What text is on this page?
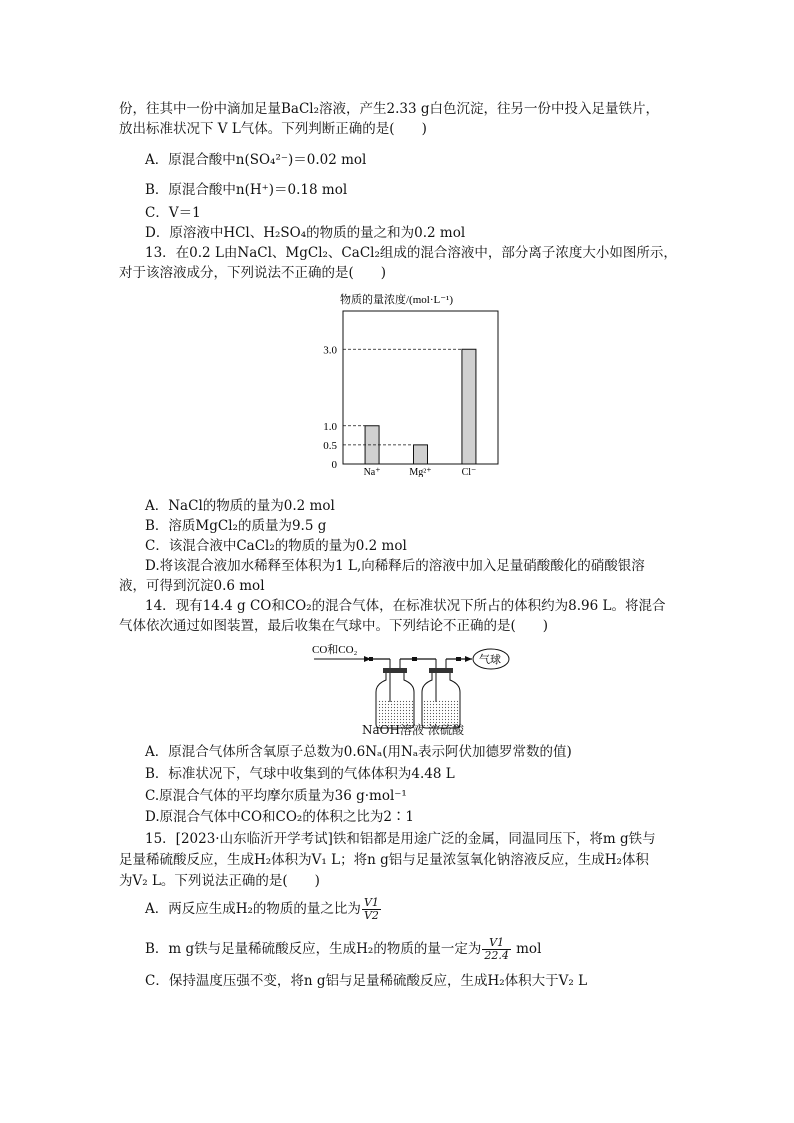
份，往其中一份中滴加足量BaCl₂溶液，产生2.33 g白色沉淀，往另一份中投入足量铁片，
放出标准状况下 V L气体。下列判断正确的是(　　)
A．原混合酸中n(SO₄²⁻)＝0.02 mol
B．原混合酸中n(H⁺)＝0.18 mol
C．V＝1
D．原溶液中HCl、H₂SO₄的物质的量之和为0.2 mol
13．在0.2 L由NaCl、MgCl₂、CaCl₂组成的混合溶液中，部分离子浓度大小如图所示，
对于该溶液成分，下列说法不正确的是(　　)
物质的量浓度/(mol·L⁻¹)
0
0.5
1.0
3.0
Na⁺	Mg²⁺	Cl⁻
A．NaCl的物质的量为0.2 mol
B．溶质MgCl₂的质量为9.5 g
C．该混合液中CaCl₂的物质的量为0.2 mol
D.将该混合液加水稀释至体积为1 L,向稀释后的溶液中加入足量硝酸酸化的硝酸银溶
液，可得到沉淀0.6 mol
14．现有14.4 g CO和CO₂的混合气体，在标准状况下所占的体积约为8.96 L。将混合
气体依次通过如图装置，最后收集在气球中。下列结论不正确的是(　　)
CO和CO₂
气球
NaOH溶液 浓硫酸
A．原混合气体所含氧原子总数为0.6Nₐ(用Nₐ表示阿伏加德罗常数的值)
B．标准状况下，气球中收集到的气体体积为4.48 L
C.原混合气体的平均摩尔质量为36 g·mol⁻¹
D.原混合气体中CO和CO₂的体积之比为2∶1
15．[2023·山东临沂开学考试]铁和铝都是用途广泛的金属，同温同压下，将m g铁与
足量稀硫酸反应，生成H₂体积为V₁ L；将n g铝与足量浓氢氧化钠溶液反应，生成H₂体积
为V₂ L。下列说法正确的是(　　)
A．两反应生成H₂的物质的量之比为 $\frac{V1}{V2}$
B．m g铁与足量稀硫酸反应，生成H₂的物质的量一定为 $\frac{V1}{22.4}$ mol
C．保持温度压强不变，将n g铝与足量稀硫酸反应，生成H₂体积大于V₂ L
